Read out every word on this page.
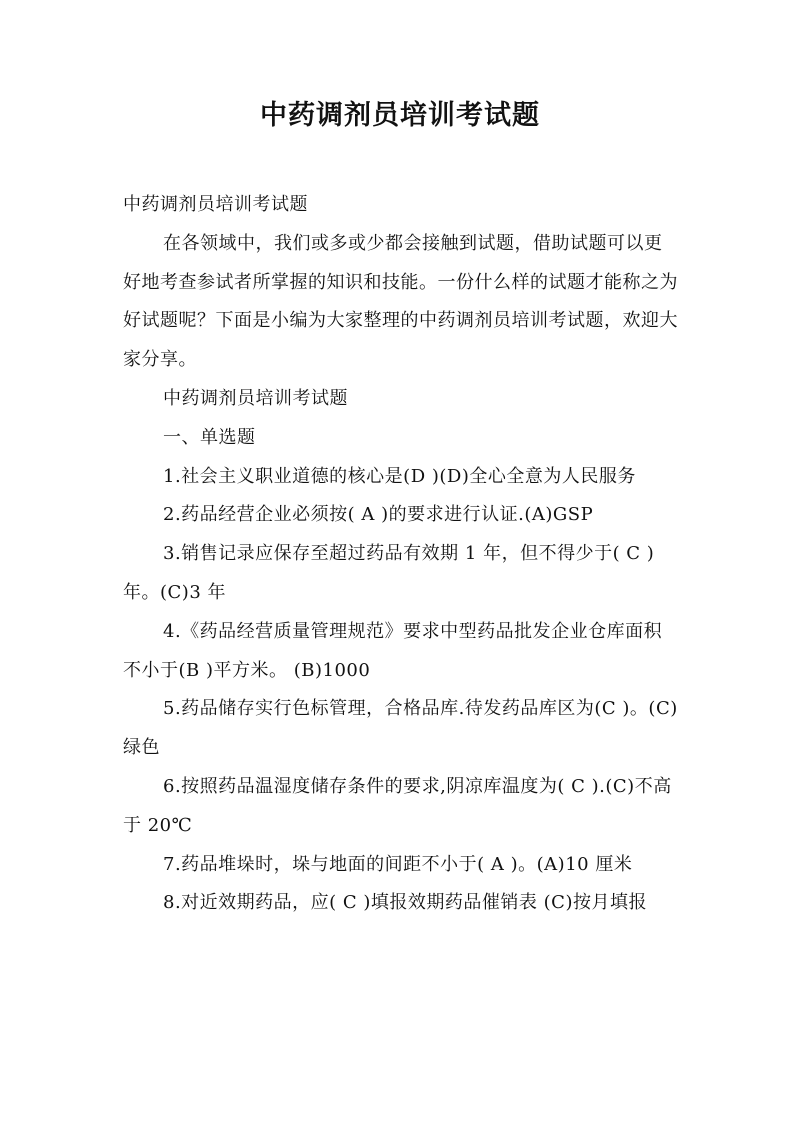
中药调剂员培训考试题

中药调剂员培训考试题

在各领域中，我们或多或少都会接触到试题，借助试题可以更好地考查参试者所掌握的知识和技能。一份什么样的试题才能称之为好试题呢？下面是小编为大家整理的中药调剂员培训考试题，欢迎大家分享。

中药调剂员培训考试题

一、单选题

1.社会主义职业道德的核心是(D )(D)全心全意为人民服务

2.药品经营企业必须按( A )的要求进行认证.(A)GSP

3.销售记录应保存至超过药品有效期 1 年，但不得少于( C )年。(C)3 年

4.《药品经营质量管理规范》要求中型药品批发企业仓库面积不小于(B )平方米。 (B)1000

5.药品储存实行色标管理，合格品库.待发药品库区为(C )。(C)绿色

6.按照药品温湿度储存条件的要求,阴凉库温度为( C ).(C)不高于 20℃

7.药品堆垛时，垛与地面的间距不小于( A )。(A)10 厘米

8.对近效期药品，应( C )填报效期药品催销表 (C)按月填报
